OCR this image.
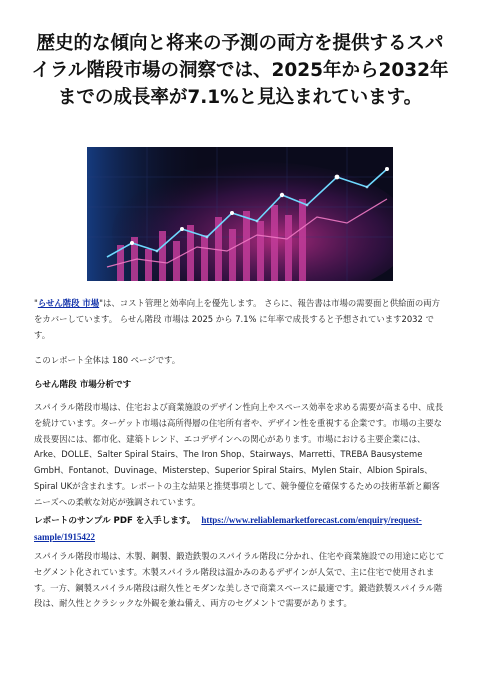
歴史的な傾向と将来の予測の両方を提供するスパイラル階段市場の洞察では、2025年から2032年までの成長率が7.1%と見込まれています。

"らせん階段 市場"は、コスト管理と効率向上を優先します。 さらに、報告書は市場の需要面と供給面の両方をカバーしています。 らせん階段 市場は 2025 から 7.1% に年率で成長すると予想されています2032 で す。

このレポート全体は 180 ページです。

らせん階段 市場分析です

スパイラル階段市場は、住宅および商業施設のデザイン性向上やスペース効率を求める需要が高まる中、成長を続けています。ターゲット市場は高所得層の住宅所有者や、デザイン性を重視する企業です。市場の主要な成長要因には、都市化、建築トレンド、エコデザインへの関心があります。市場における主要企業には、Arke、DOLLE、Salter Spiral Stairs、The Iron Shop、Stairways、Marretti、TREBA Bausysteme GmbH、Fontanot、Duvinage、Misterstep、Superior Spiral Stairs、Mylen Stair、Albion Spirals、Spiral UKが含まれます。レポートの主な結果と推奨事項として、競争優位を確保するための技術革新と顧客ニーズへの柔軟な対応が強調されています。

レポートのサンプル PDF を入手します。 https://www.reliablemarketforecast.com/enquiry/request-sample/1915422

スパイラル階段市場は、木製、鋼製、鍛造鉄製のスパイラル階段に分かれ、住宅や商業施設での用途に応じてセグメント化されています。木製スパイラル階段は温かみのあるデザインが人気で、主に住宅で使用されます。一方、鋼製スパイラル階段は耐久性とモダンな美しさで商業スペースに最適です。鍛造鉄製スパイラル階段は、耐久性とクラシックな外観を兼ね備え、両方のセグメントで需要があります。
